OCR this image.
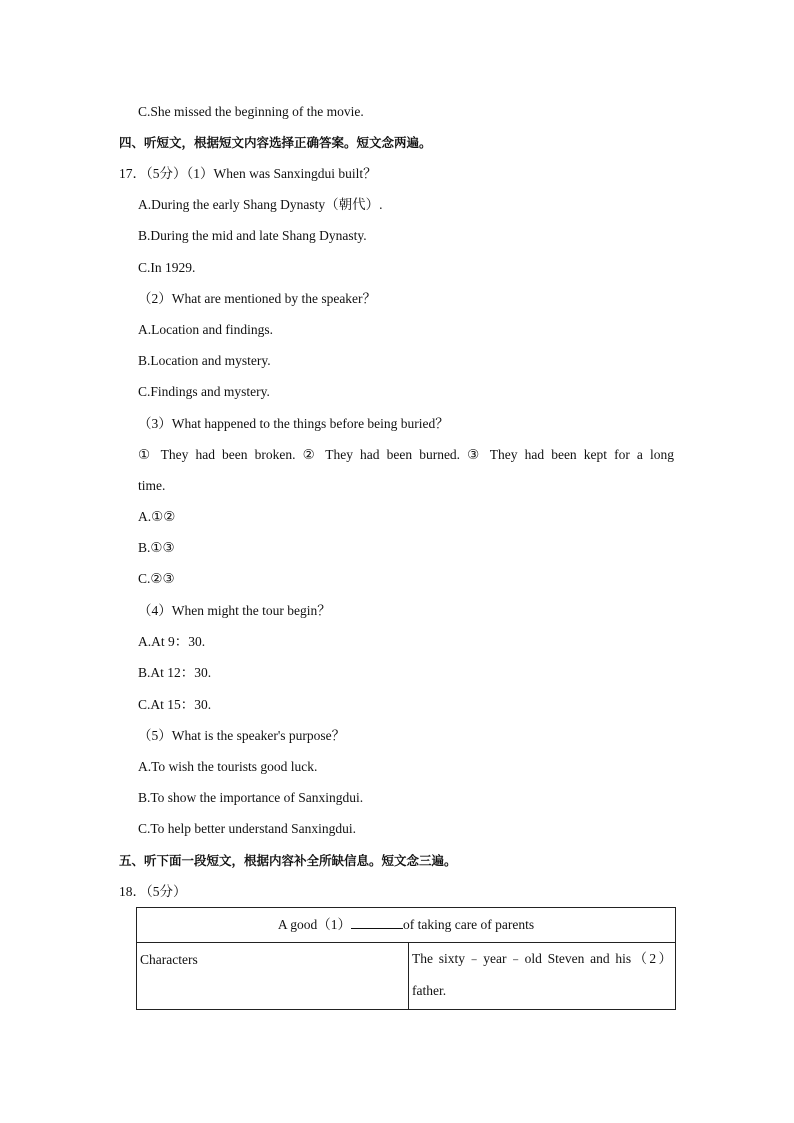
C.She missed the beginning of the movie.
四、听短文，根据短文内容选择正确答案。短文念两遍。
17．（5分）（1）When was Sanxingdui built？
A.During the early Shang Dynasty（朝代）.
B.During the mid and late Shang Dynasty.
C.In 1929.
（2）What are mentioned by the speaker？
A.Location and findings.
B.Location and mystery.
C.Findings and mystery.
（3）What happened to the things before being buried？
① They had been broken. ② They had been burned. ③ They had been kept for a long
time.
A.①②
B.①③
C.②③
（4）When might the tour begin？
A.At 9：30.
B.At 12：30.
C.At 15：30.
（5）What is the speaker's purpose？
A.To wish the tourists good luck.
B.To show the importance of Sanxingdui.
C.To help better understand Sanxingdui.
五、听下面一段短文，根据内容补全所缺信息。短文念三遍。
18．（5分）
A good（1）	of taking care of parents
Characters	The sixty﹣year﹣old Steven and his（2）
father.
